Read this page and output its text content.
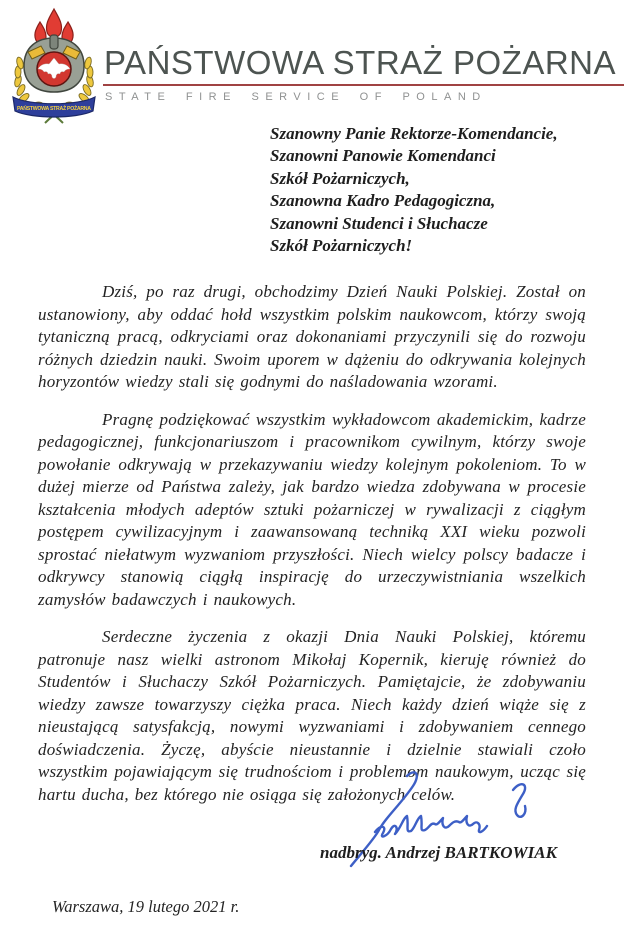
PAŃSTWOWA STRAŻ POŻARNA
PAŃSTWOWA STRAŻ POŻARNA
STATE FIRE SERVICE OF POLAND
Szanowny Panie Rektorze-Komendancie,
Szanowni Panowie Komendanci
Szkół Pożarniczych,
Szanowna Kadro Pedagogiczna,
Szanowni Studenci i Słuchacze
Szkół Pożarniczych!

Dziś, po raz drugi, obchodzimy Dzień Nauki Polskiej. Został on ustanowiony, aby oddać hołd wszystkim polskim naukowcom, którzy swoją tytaniczną pracą, odkryciami oraz dokonaniami przyczynili się do rozwoju różnych dziedzin nauki. Swoim uporem w dążeniu do odkrywania kolejnych horyzontów wiedzy stali się godnymi do naśladowania wzorami.

Pragnę podziękować wszystkim wykładowcom akademickim, kadrze pedagogicznej, funkcjonariuszom i pracownikom cywilnym, którzy swoje powołanie odkrywają w przekazywaniu wiedzy kolejnym pokoleniom. To w dużej mierze od Państwa zależy, jak bardzo wiedza zdobywana w procesie kształcenia młodych adeptów sztuki pożarniczej w rywalizacji z ciągłym postępem cywilizacyjnym i zaawansowaną techniką XXI wieku pozwoli sprostać niełatwym wyzwaniom przyszłości. Niech wielcy polscy badacze i odkrywcy stanowią ciągłą inspirację do urzeczywistniania wszelkich zamysłów badawczych i naukowych.

Serdeczne życzenia z okazji Dnia Nauki Polskiej, któremu patronuje nasz wielki astronom Mikołaj Kopernik, kieruję również do Studentów i Słuchaczy Szkół Pożarniczych. Pamiętajcie, że zdobywaniu wiedzy zawsze towarzyszy ciężka praca. Niech każdy dzień wiąże się z nieustającą satysfakcją, nowymi wyzwaniami i zdobywaniem cennego doświadczenia. Życzę, abyście nieustannie i dzielnie stawiali czoło wszystkim pojawiającym się trudnościom i problemom naukowym, ucząc się hartu ducha, bez którego nie osiąga się założonych celów.

nadbryg. Andrzej BARTKOWIAK
Warszawa, 19 lutego 2021 r.
